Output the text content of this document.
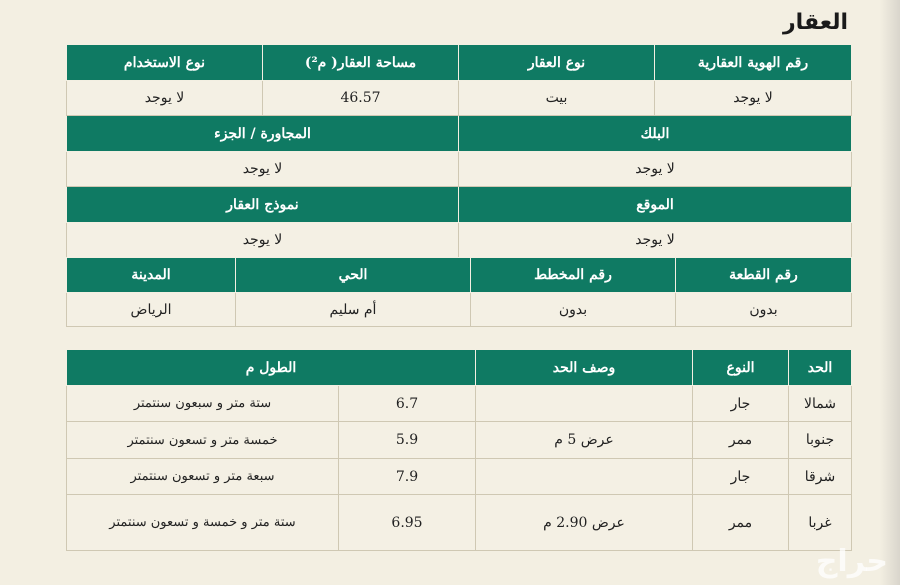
العقار
رقم الهوية العقارية	نوع العقار	مساحة العقار( م²)	نوع الاستخدام
لا يوجد	بيت	46.57	لا يوجد
البلك		المجاورة / الجزء	
لا يوجد		لا يوجد	
الموقع		نموذج العقار	
لا يوجد		لا يوجد	
رقم القطعة	رقم المخطط	الحي	المدينة
بدون	بدون	أم سليم	الرياض
الحد	النوع	وصف الحد	الطول م	
شمالا	جار		6.7	ستة متر و سبعون سنتمتر
جنوبا	ممر	عرض 5 م	5.9	خمسة متر و تسعون سنتمتر
شرقا	جار		7.9	سبعة متر و تسعون سنتمتر
غربا	ممر	عرض 2.90 م	6.95	ستة متر و خمسة و تسعون سنتمتر
حراج
